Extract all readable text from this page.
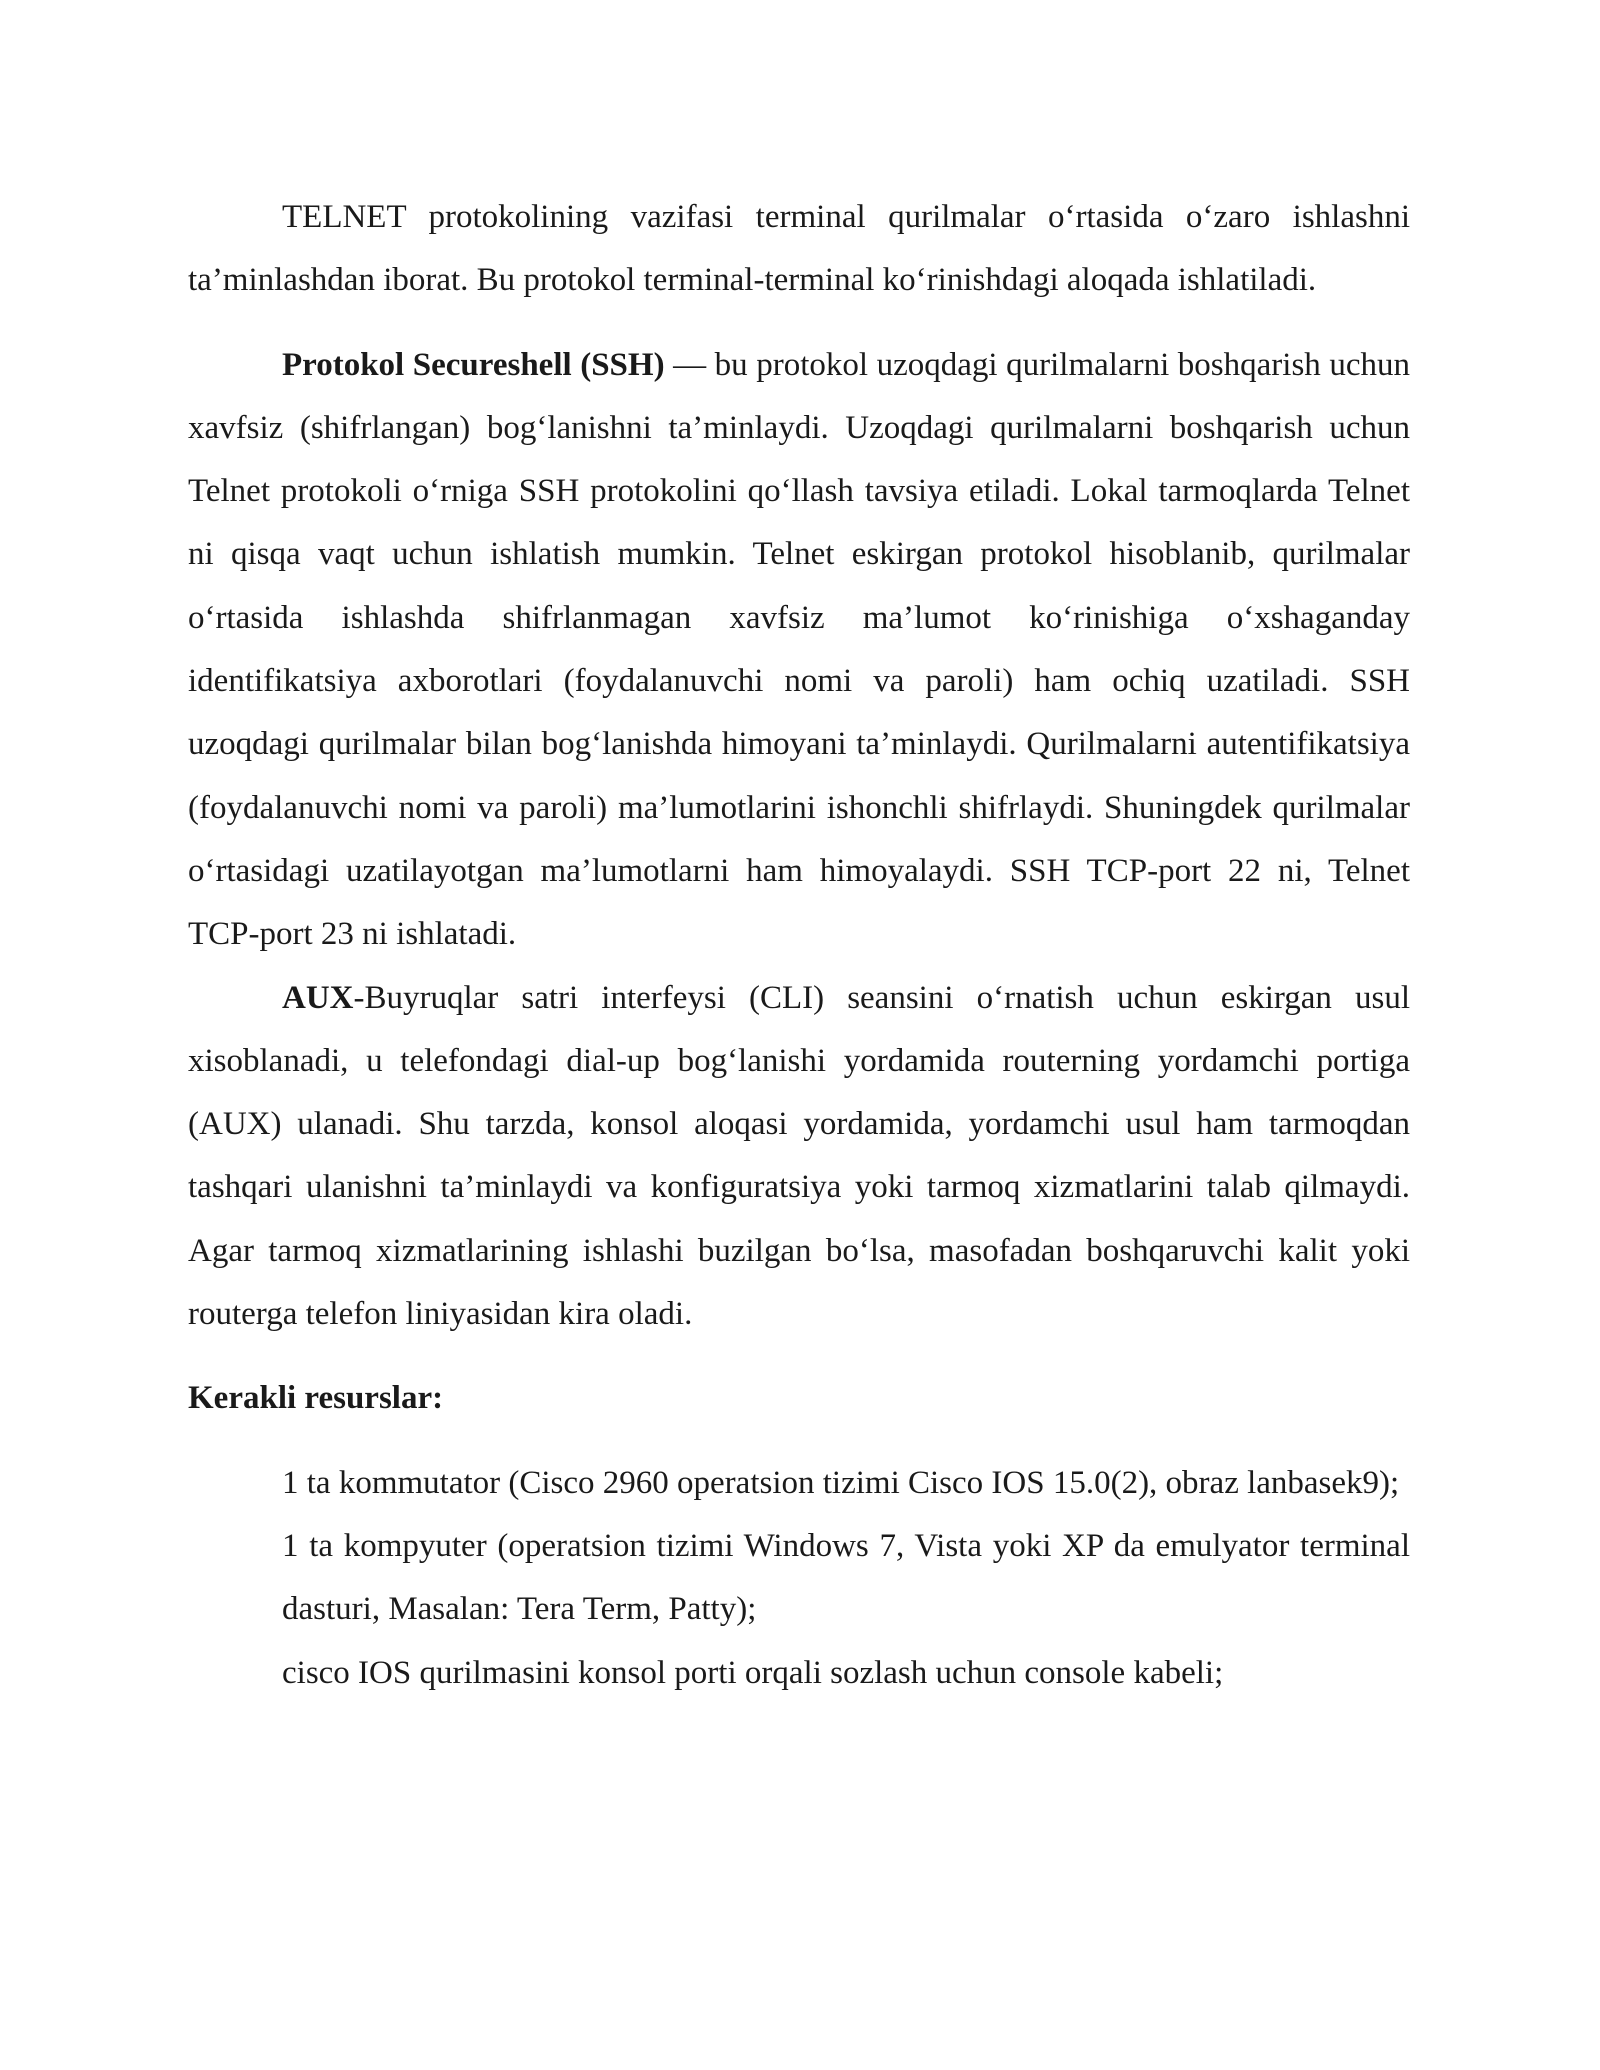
TELNET protokolining vazifasi terminal qurilmalar o‘rtasida o‘zaro ishlashni ta’minlashdan iborat. Bu protokol terminal-terminal ko‘rinishdagi aloqada ishlatiladi.

Protokol Secureshell (SSH) — bu protokol uzoqdagi qurilmalarni boshqarish uchun xavfsiz (shifrlangan) bog‘lanishni ta’minlaydi. Uzoqdagi qurilmalarni boshqarish uchun Telnet protokoli o‘rniga SSH protokolini qo‘llash tavsiya etiladi. Lokal tarmoqlarda Telnet ni qisqa vaqt uchun ishlatish mumkin. Telnet eskirgan protokol hisoblanib, qurilmalar o‘rtasida ishlashda shifrlanmagan xavfsiz ma’lumot ko‘rinishiga o‘xshaganday identifikatsiya axborotlari (foydalanuvchi nomi va paroli) ham ochiq uzatiladi. SSH uzoqdagi qurilmalar bilan bog‘lanishda himoyani ta’minlaydi. Qurilmalarni autentifikatsiya (foydalanuvchi nomi va paroli) ma’lumotlarini ishonchli shifrlaydi. Shuningdek qurilmalar o‘rtasidagi uzatilayotgan ma’lumotlarni ham himoyalaydi. SSH TCP-port 22 ni, Telnet TCP-port 23 ni ishlatadi.

AUX-Buyruqlar satri interfeysi (CLI) seansini o‘rnatish uchun eskirgan usul xisoblanadi, u telefondagi dial-up bog‘lanishi yordamida routerning yordamchi portiga (AUX) ulanadi. Shu tarzda, konsol aloqasi yordamida, yordamchi usul ham tarmoqdan tashqari ulanishni ta’minlaydi va konfiguratsiya yoki tarmoq xizmatlarini talab qilmaydi. Agar tarmoq xizmatlarining ishlashi buzilgan bo‘lsa, masofadan boshqaruvchi kalit yoki routerga telefon liniyasidan kira oladi.

Kerakli resurslar:

1 ta kommutator (Cisco 2960 operatsion tizimi Cisco IOS 15.0(2), obraz lanbasek9);
1 ta kompyuter (operatsion tizimi Windows 7, Vista yoki XP da emulyator terminal dasturi, Masalan: Tera Term, Patty);
cisco IOS qurilmasini konsol porti orqali sozlash uchun console kabeli;
